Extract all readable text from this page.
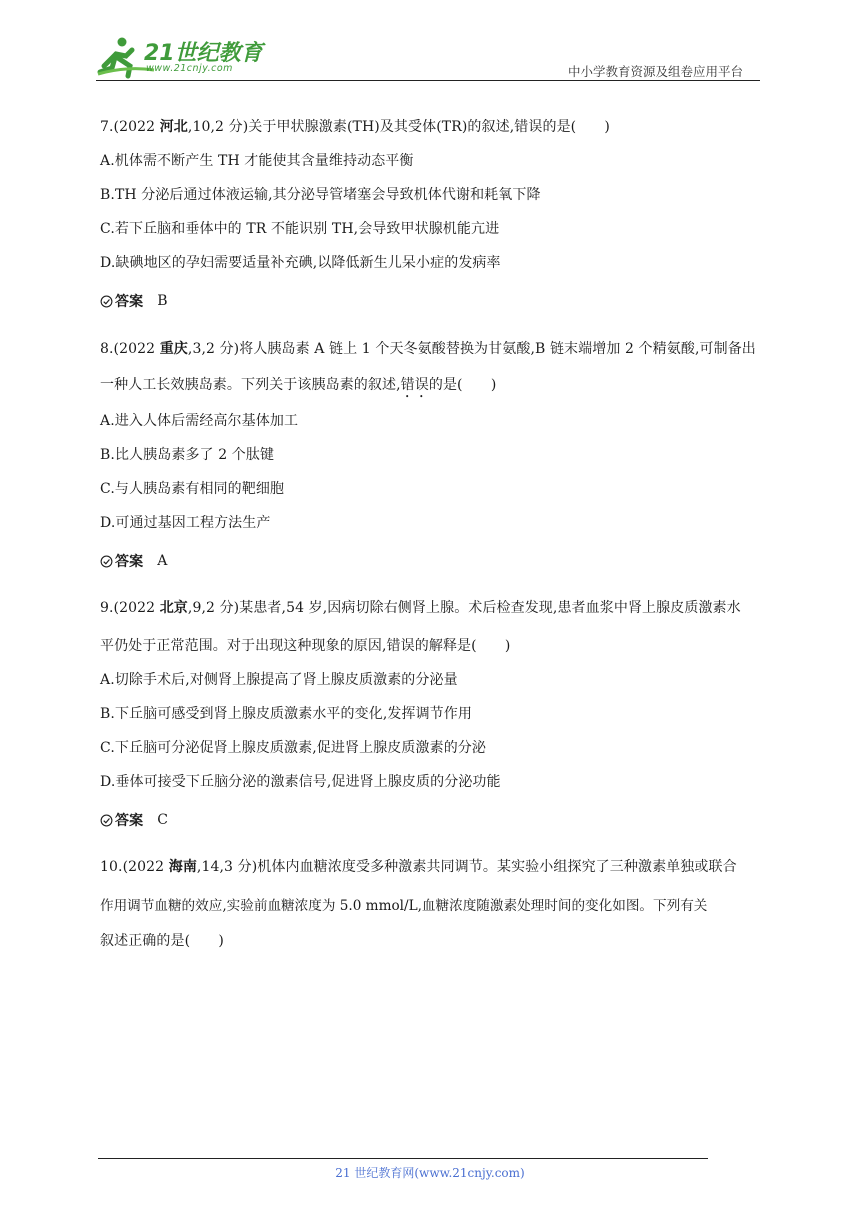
21世纪教育
www.21cnjy.com	中小学教育资源及组卷应用平台
7.(2022 河北,10,2 分)关于甲状腺激素(TH)及其受体(TR)的叙述,错误的是(　　)
A.机体需不断产生 TH 才能使其含量维持动态平衡
B.TH 分泌后通过体液运输,其分泌导管堵塞会导致机体代谢和耗氧下降
C.若下丘脑和垂体中的 TR 不能识别 TH,会导致甲状腺机能亢进
D.缺碘地区的孕妇需要适量补充碘,以降低新生儿呆小症的发病率
答案 B
8.(2022 重庆,3,2 分)将人胰岛素 A 链上 1 个天冬氨酸替换为甘氨酸,B 链末端增加 2 个精氨酸,可制备出
一种人工长效胰岛素。下列关于该胰岛素的叙述,错误的是(　　)
A.进入人体后需经高尔基体加工
B.比人胰岛素多了 2 个肽键
C.与人胰岛素有相同的靶细胞
D.可通过基因工程方法生产
答案 A
9.(2022 北京,9,2 分)某患者,54 岁,因病切除右侧肾上腺。术后检查发现,患者血浆中肾上腺皮质激素水
平仍处于正常范围。对于出现这种现象的原因,错误的解释是(　　)
A.切除手术后,对侧肾上腺提高了肾上腺皮质激素的分泌量
B.下丘脑可感受到肾上腺皮质激素水平的变化,发挥调节作用
C.下丘脑可分泌促肾上腺皮质激素,促进肾上腺皮质激素的分泌
D.垂体可接受下丘脑分泌的激素信号,促进肾上腺皮质的分泌功能
答案 C
10.(2022 海南,14,3 分)机体内血糖浓度受多种激素共同调节。某实验小组探究了三种激素单独或联合
作用调节血糖的效应,实验前血糖浓度为 5.0 mmol/L,血糖浓度随激素处理时间的变化如图。下列有关
叙述正确的是(　　)
21 世纪教育网(www.21cnjy.com)
